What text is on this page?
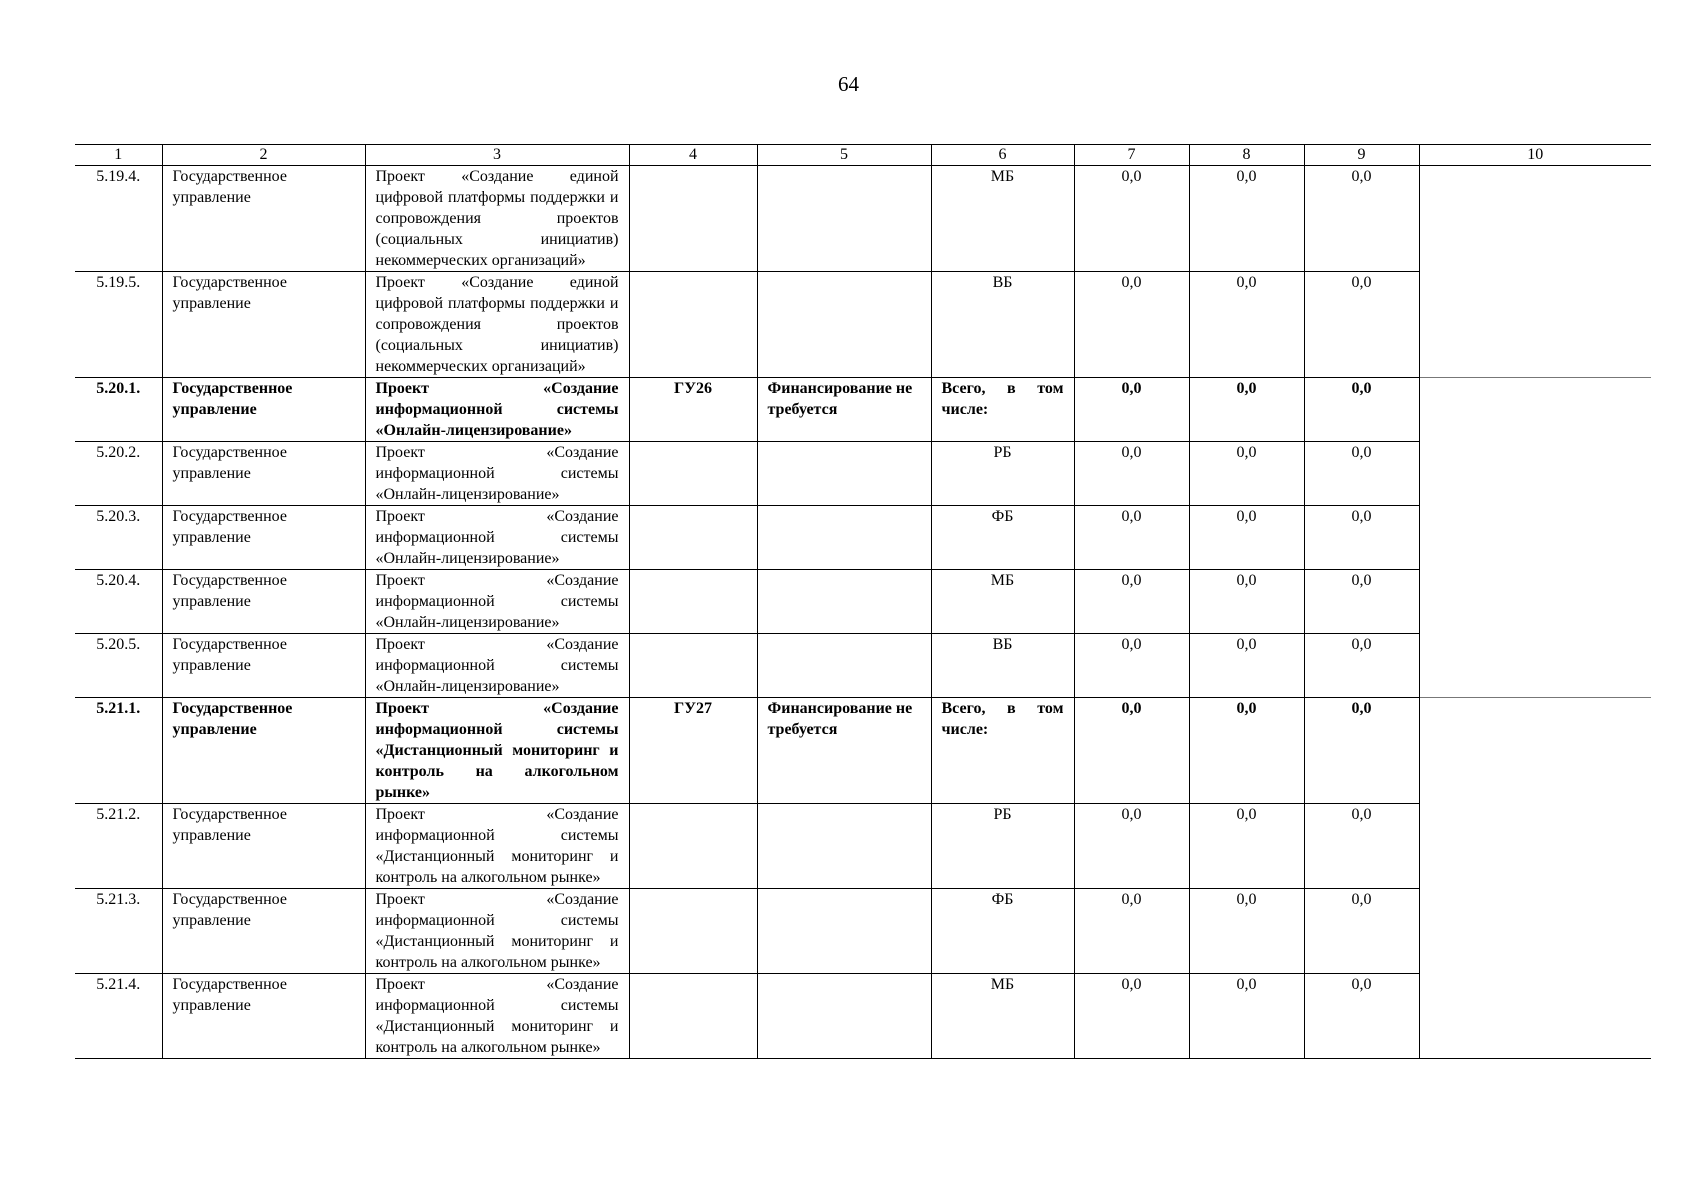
64
1	2	3	4	5	6	7	8	9	10
5.19.4.	Государственное управление	Проект «Создание единой цифровой платформы поддержки и сопровождения проектов (социальных инициатив) некоммерческих организаций»			МБ	0,0	0,0	0,0	
5.19.5.	Государственное управление	Проект «Создание единой цифровой платформы поддержки и сопровождения проектов (социальных инициатив) некоммерческих организаций»			ВБ	0,0	0,0	0,0	
5.20.1.	Государственное управление	Проект «Создание информационной системы «Онлайн-лицензирование»	ГУ26	Финансирование не требуется	Всего, в том числе:	0,0	0,0	0,0	
5.20.2.	Государственное управление	Проект «Создание информационной системы «Онлайн-лицензирование»			РБ	0,0	0,0	0,0	
5.20.3.	Государственное управление	Проект «Создание информационной системы «Онлайн-лицензирование»			ФБ	0,0	0,0	0,0	
5.20.4.	Государственное управление	Проект «Создание информационной системы «Онлайн-лицензирование»			МБ	0,0	0,0	0,0	
5.20.5.	Государственное управление	Проект «Создание информационной системы «Онлайн-лицензирование»			ВБ	0,0	0,0	0,0	
5.21.1.	Государственное управление	Проект «Создание информационной системы «Дистанционный мониторинг и контроль на алкогольном рынке»	ГУ27	Финансирование не требуется	Всего, в том числе:	0,0	0,0	0,0	
5.21.2.	Государственное управление	Проект «Создание информационной системы «Дистанционный мониторинг и контроль на алкогольном рынке»			РБ	0,0	0,0	0,0	
5.21.3.	Государственное управление	Проект «Создание информационной системы «Дистанционный мониторинг и контроль на алкогольном рынке»			ФБ	0,0	0,0	0,0	
5.21.4.	Государственное управление	Проект «Создание информационной системы «Дистанционный мониторинг и контроль на алкогольном рынке»			МБ	0,0	0,0	0,0	
